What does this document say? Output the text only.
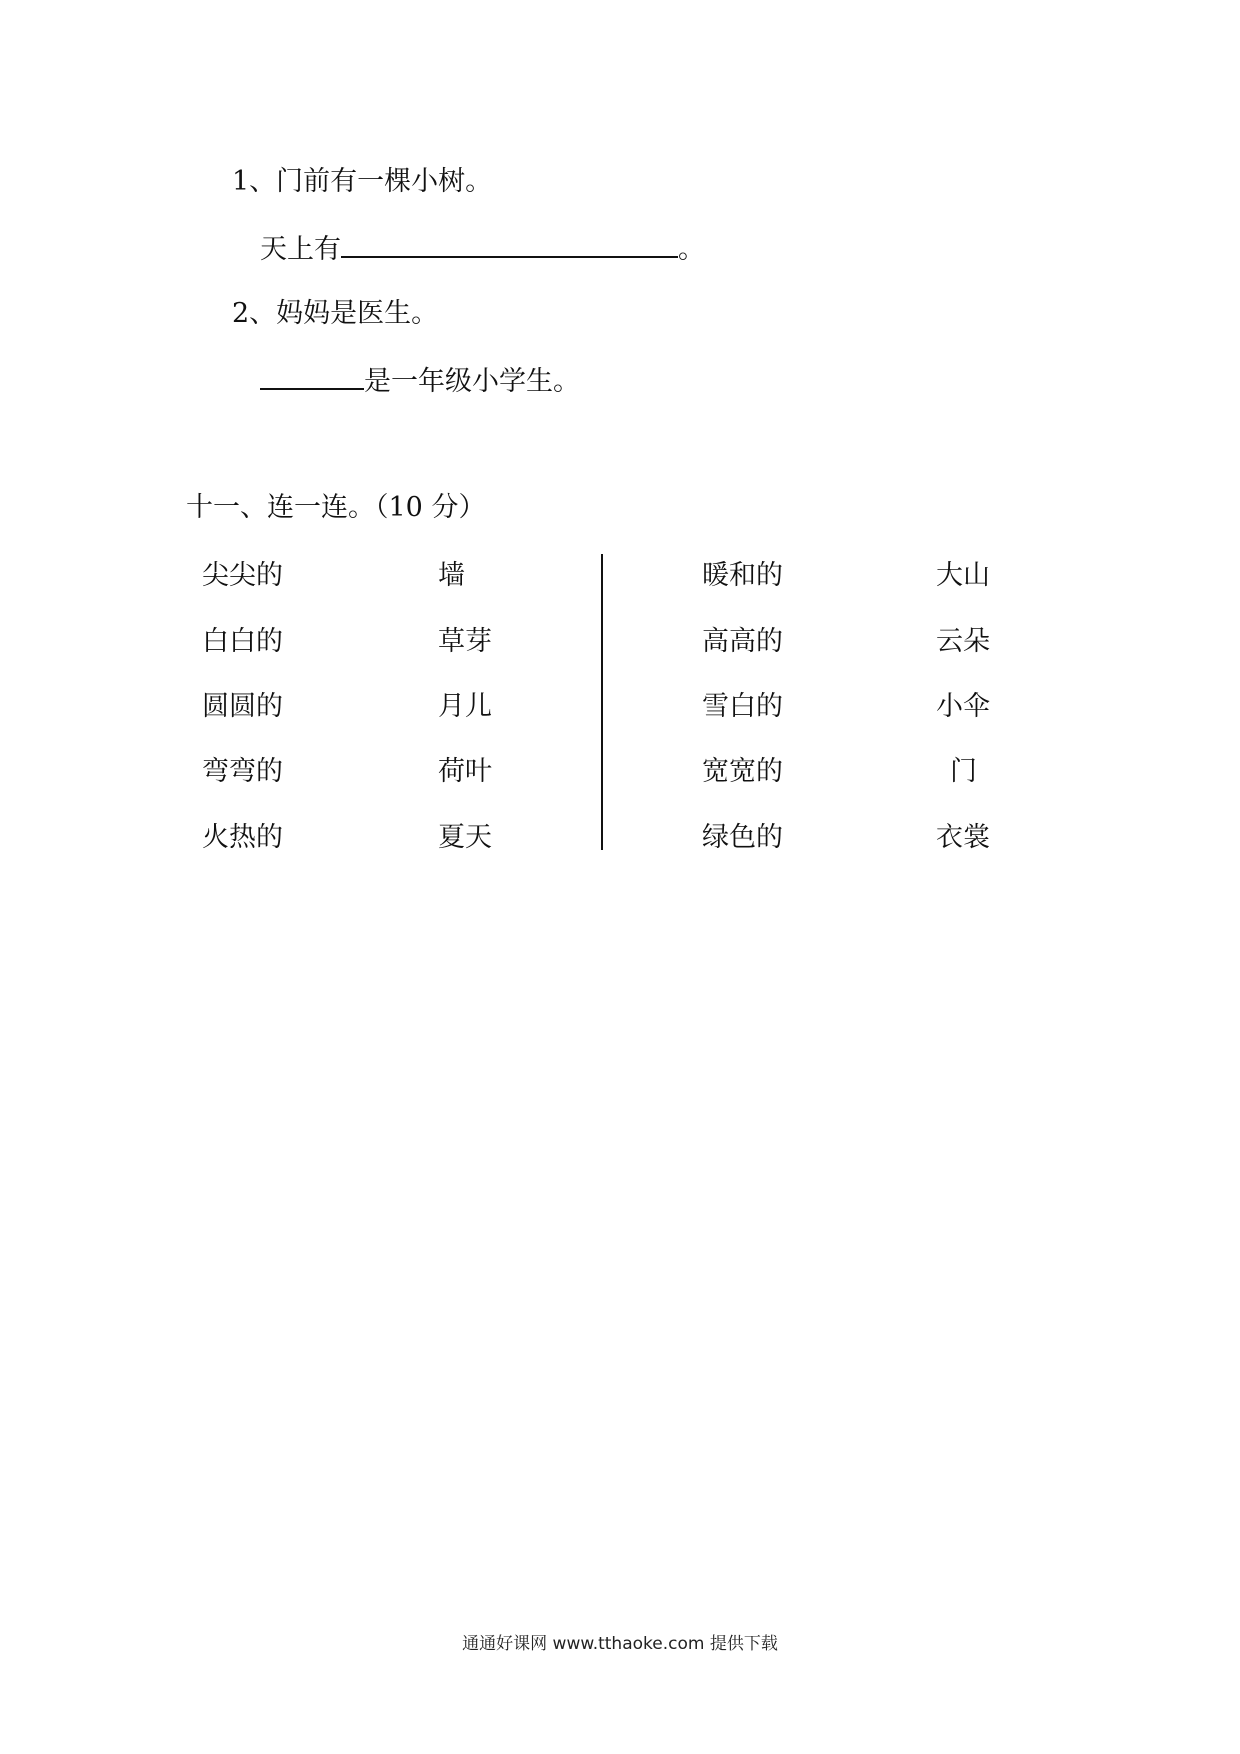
1、门前有一棵小树。
天上有	。
2、妈妈是医生。
是一年级小学生。
十一、连一连。（10 分）
尖尖的
白白的
圆圆的
弯弯的
火热的
墙
草芽
月儿
荷叶
夏天
暖和的
高高的
雪白的
宽宽的
绿色的
大山
云朵
小伞
门
衣裳
通通好课网 www.tthaoke.com 提供下载
